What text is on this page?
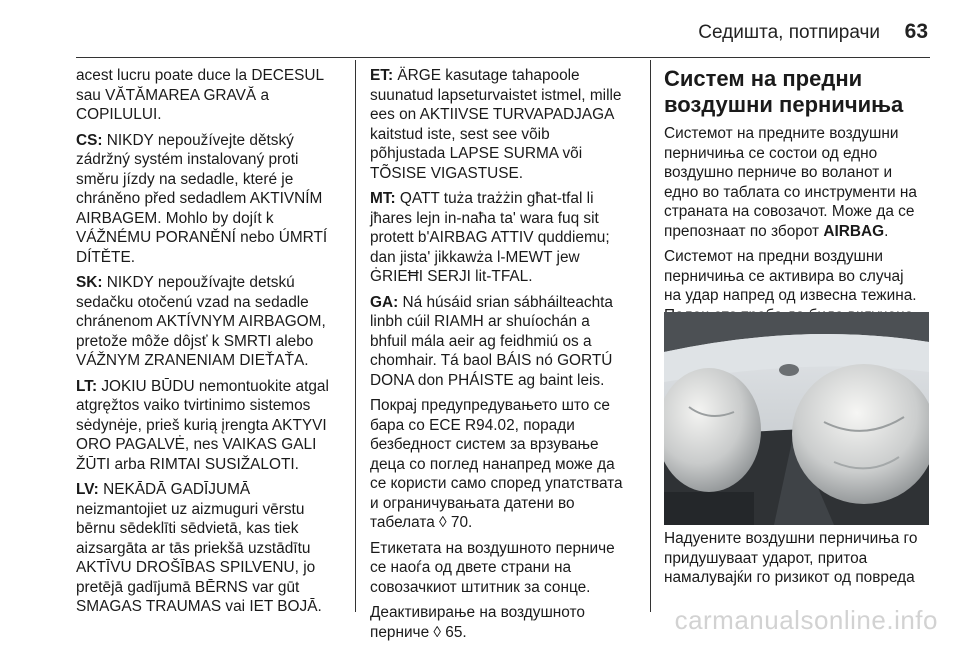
Седишта, потпирачи 63

acest lucru poate duce la DECESUL
sau VĂTĂMAREA GRAVĂ a
COPILULUI.

CS: NIKDY nepoužívejte dětský
zádržný systém instalovaný proti
směru jízdy na sedadle, které je
chráněno před sedadlem AKTIVNÍM
AIRBAGEM. Mohlo by dojít k
VÁŽNÉMU PORANĚNÍ nebo ÚMRTÍ
DÍTĚTE.

SK: NIKDY nepoužívajte detskú
sedačku otočenú vzad na sedadle
chránenom AKTÍVNYM AIRBAGOM,
pretože môže dôjsť k SMRTI alebo
VÁŽNYM ZRANENIAM DIEŤAŤA.

LT: JOKIU BŪDU nemontuokite atgal
atgręžtos vaiko tvirtinimo sistemos
sėdynėje, prieš kurią įrengta AKTYVI
ORO PAGALVĖ, nes VAIKAS GALI
ŽŪTI arba RIMTAI SUSIŽALOTI.

LV: NEKĀDĀ GADĪJUMĀ
neizmantojiet uz aizmuguri vērstu
bērnu sēdeklīti sēdvietā, kas tiek
aizsargāta ar tās priekšā uzstādītu
AKTĪVU DROŠĪBAS SPILVENU, jo
pretējā gadījumā BĒRNS var gūt
SMAGAS TRAUMAS vai IET BOJĀ.

ET: ÄRGE kasutage tahapoole
suunatud lapseturvaistet istmel, mille
ees on AKTIIVSE TURVAPADJAGA
kaitstud iste, sest see võib
põhjustada LAPSE SURMA või
TÕSISE VIGASTUSE.

MT: QATT tuża trażżin għat-tfal li
jħares lejn in-naħa ta' wara fuq sit
protett b'AIRBAG ATTIV quddiemu;
dan jista' jikkawża l-MEWT jew
ĠRIEĦI SERJI lit-TFAL.

GA: Ná húsáid srian sábháilteachta
linbh cúil RIAMH ar shuíochán a
bhfuil mála aeir ag feidhmiú os a
chomhair. Tá baol BÁIS nó GORTÚ
DONA don PHÁISTE ag baint leis.

Покрај предупредувањето што се
бара со ECE R94.02, поради
безбедност систем за врзување
деца со поглед нанапред може да
се користи само според упатствата
и ограничувањата датени во
табелата ◊ 70.

Етикетата на воздушното перниче
се наоѓа од двете страни на
совозачкиот штитник за сонце.

Деактивирање на воздушното
перниче ◊ 65.

Систем на предни
воздушни перничиња

Системот на предните воздушни
перничиња се состои од едно
воздушно перниче во воланот и
едно во таблата со инструменти на
страната на совозачот. Може да се
препознаат по зборот AIRBAG.

Системот на предни воздушни
перничиња се активира во случај
на удар напред од извесна тежина.

Надуените воздушни перничиња го
придушуваат ударот, притоа
намалувајќи го ризикот од повреда

carmanualsonline.info
